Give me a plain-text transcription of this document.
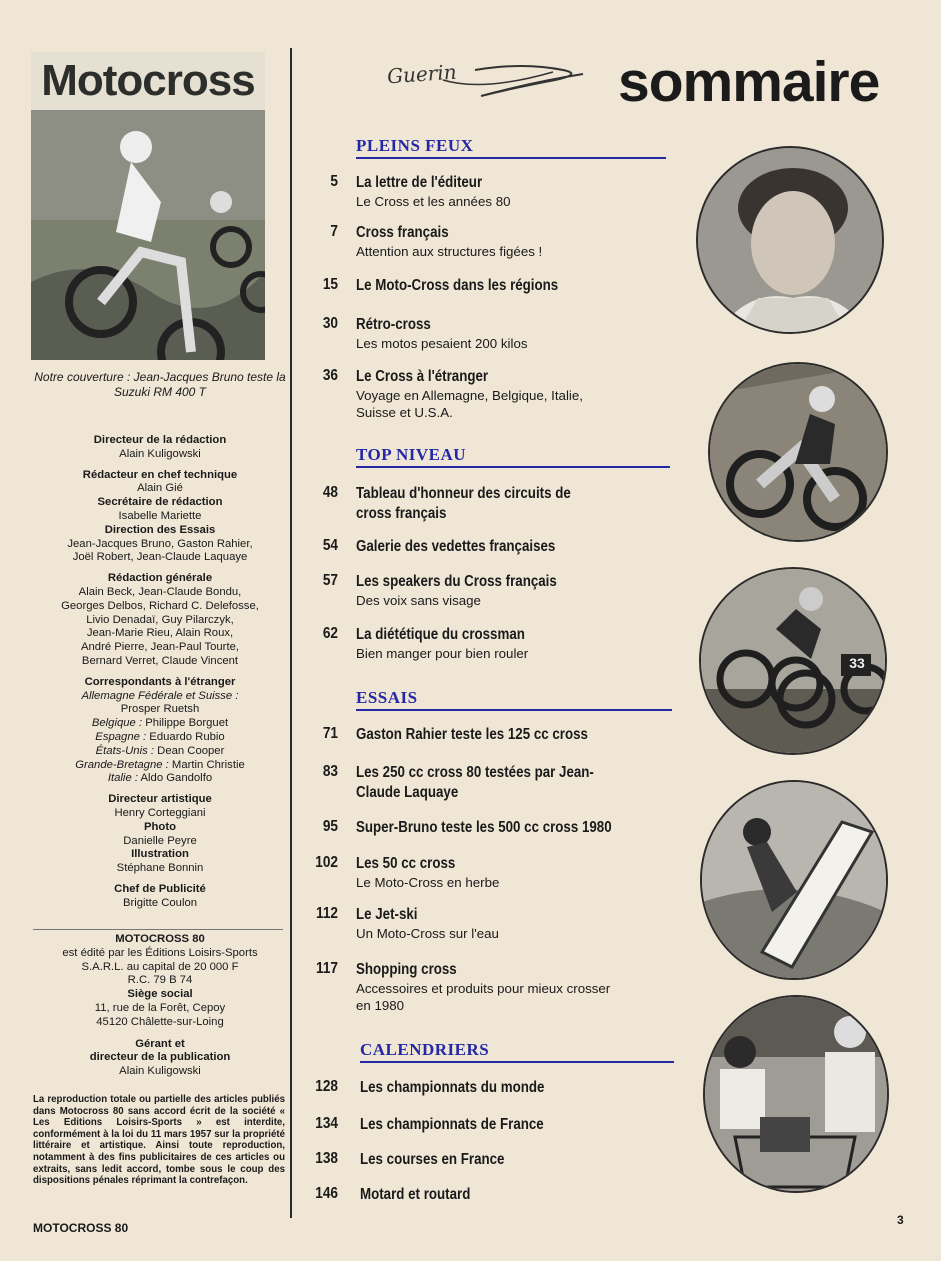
Motocross
Notre couverture : Jean-Jacques Bruno teste la Suzuki RM 400 T
Directeur de la rédaction
Alain Kuligowski
Rédacteur en chef technique
Alain Gié
Secrétaire de rédaction
Isabelle Mariette
Direction des Essais
Jean-Jacques Bruno, Gaston Rahier,
Joël Robert, Jean-Claude Laquaye
Rédaction générale
Alain Beck, Jean-Claude Bondu,
Georges Delbos, Richard C. Delefosse,
Livio Denadaï, Guy Pilarczyk,
Jean-Marie Rieu, Alain Roux,
André Pierre, Jean-Paul Tourte,
Bernard Verret, Claude Vincent
Correspondants à l'étranger
Allemagne Fédérale et Suisse :
Prosper Ruetsh
Belgique : Philippe Borguet
Espagne : Eduardo Rubio
États-Unis : Dean Cooper
Grande-Bretagne : Martin Christie
Italie : Aldo Gandolfo
Directeur artistique
Henry Corteggiani
Photo
Danielle Peyre
Illustration
Stéphane Bonnin
Chef de Publicité
Brigitte Coulon
MOTOCROSS 80
est édité par les Éditions Loisirs-Sports
S.A.R.L. au capital de 20 000 F
R.C. 79 B 74
Siège social
11, rue de la Forêt, Cepoy
45120 Châlette-sur-Loing
Gérant et
directeur de la publication
Alain Kuligowski
La reproduction totale ou partielle des articles publiés dans Motocross 80 sans accord écrit de la société « Les Editions Loisirs-Sports » est interdite, conformément à la loi du 11 mars 1957 sur la propriété littéraire et artistique. Ainsi toute reproduction, notamment à des fins publicitaires de ces articles ou extraits, sans ledit accord, tombe sous le coup des dispositions pénales réprimant la contrefaçon.
MOTOCROSS 80
3
Guerin	sommaire
PLEINS FEUX
5 La lettre de l'éditeur
Le Cross et les années 80
7 Cross français
Attention aux structures figées !
15 Le Moto-Cross dans les régions
30 Rétro-cross
Les motos pesaient 200 kilos
36 Le Cross à l'étranger
Voyage en Allemagne, Belgique, Italie, Suisse et U.S.A.
TOP NIVEAU
48 Tableau d'honneur des circuits de cross français
54 Galerie des vedettes françaises
57 Les speakers du Cross français
Des voix sans visage
62 La diététique du crossman
Bien manger pour bien rouler
ESSAIS
71 Gaston Rahier teste les 125 cc cross
83 Les 250 cc cross 80 testées par Jean-Claude Laquaye
95 Super-Bruno teste les 500 cc cross 1980
102 Les 50 cc cross
Le Moto-Cross en herbe
112 Le Jet-ski
Un Moto-Cross sur l'eau
117 Shopping cross
Accessoires et produits pour mieux crosser en 1980
CALENDRIERS
128 Les championnats du monde
134 Les championnats de France
138 Les courses en France
146 Motard et routard
33
